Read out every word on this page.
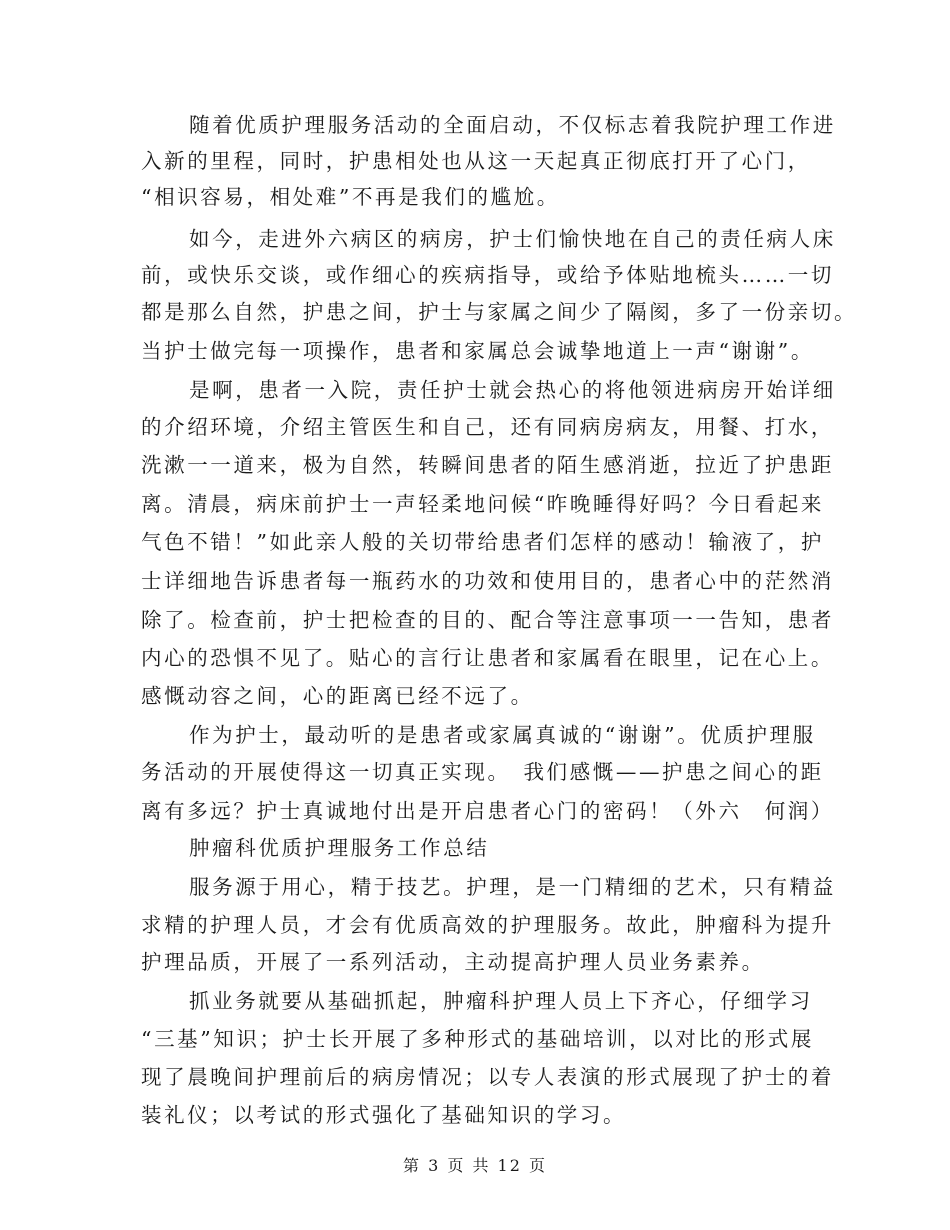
随着优质护理服务活动的全面启动，不仅标志着我院护理工作进
入新的里程，同时，护患相处也从这一天起真正彻底打开了心门，
“相识容易，相处难”不再是我们的尴尬。
如今，走进外六病区的病房，护士们愉快地在自己的责任病人床
前，或快乐交谈，或作细心的疾病指导，或给予体贴地梳头……一切
都是那么自然，护患之间，护士与家属之间少了隔阂，多了一份亲切。
当护士做完每一项操作，患者和家属总会诚挚地道上一声“谢谢”。
是啊，患者一入院，责任护士就会热心的将他领进病房开始详细
的介绍环境，介绍主管医生和自己，还有同病房病友，用餐、打水，
洗漱一一道来，极为自然，转瞬间患者的陌生感消逝，拉近了护患距
离。清晨，病床前护士一声轻柔地问候“昨晚睡得好吗？今日看起来
气色不错！”如此亲人般的关切带给患者们怎样的感动！输液了，护
士详细地告诉患者每一瓶药水的功效和使用目的，患者心中的茫然消
除了。检查前，护士把检查的目的、配合等注意事项一一告知，患者
内心的恐惧不见了。贴心的言行让患者和家属看在眼里，记在心上。
感慨动容之间，心的距离已经不远了。
作为护士，最动听的是患者或家属真诚的“谢谢”。优质护理服
务活动的开展使得这一切真正实现。　我们感慨——护患之间心的距
离有多远？护士真诚地付出是开启患者心门的密码！（外六　何润）
肿瘤科优质护理服务工作总结
服务源于用心，精于技艺。护理，是一门精细的艺术，只有精益
求精的护理人员，才会有优质高效的护理服务。故此，肿瘤科为提升
护理品质，开展了一系列活动，主动提高护理人员业务素养。
抓业务就要从基础抓起，肿瘤科护理人员上下齐心，仔细学习
“三基”知识；护士长开展了多种形式的基础培训，以对比的形式展
现了晨晚间护理前后的病房情况；以专人表演的形式展现了护士的着
装礼仪；以考试的形式强化了基础知识的学习。
第 3 页 共 12 页
